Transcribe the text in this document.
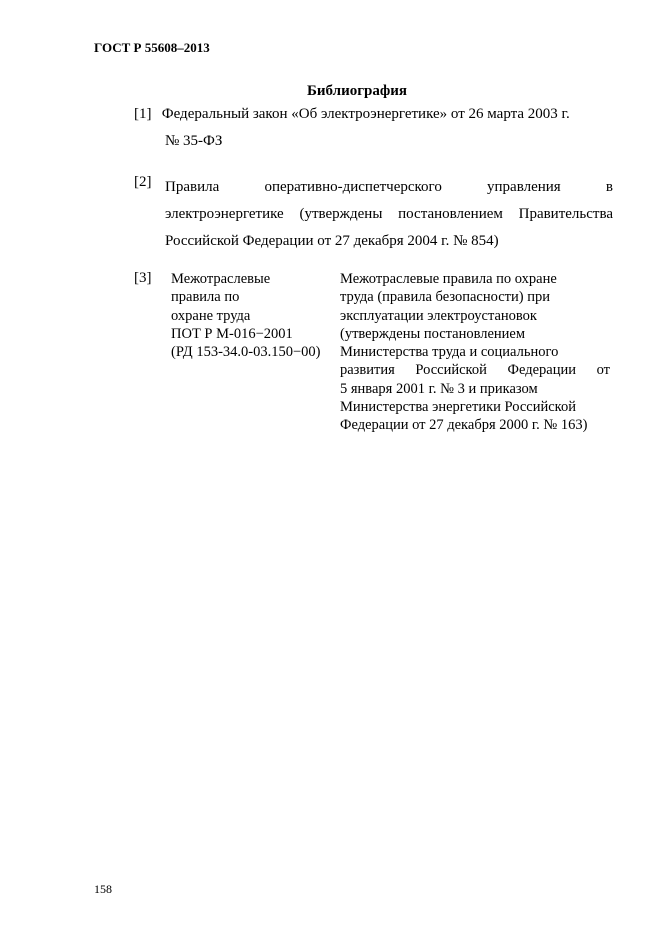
ГОСТ Р 55608–2013
Библиография
[1] Федеральный закон «Об электроэнергетике» от 26 марта 2003 г.
№ 35-ФЗ
[2] Правила оперативно-диспетчерского управления в
электроэнергетике (утверждены постановлением Правительства
Российской Федерации от 27 декабря 2004 г. № 854)
[3] Межотраслевые
правила по
охране труда
ПОТ Р М-016−2001
(РД 153-34.0-03.150−00)
Межотраслевые правила по охране
труда (правила безопасности) при
эксплуатации электроустановок
(утверждены постановлением
Министерства труда и социального
развития Российской Федерации от
5 января 2001 г. № 3 и приказом
Министерства энергетики Российской
Федерации от 27 декабря 2000 г. № 163)
158
